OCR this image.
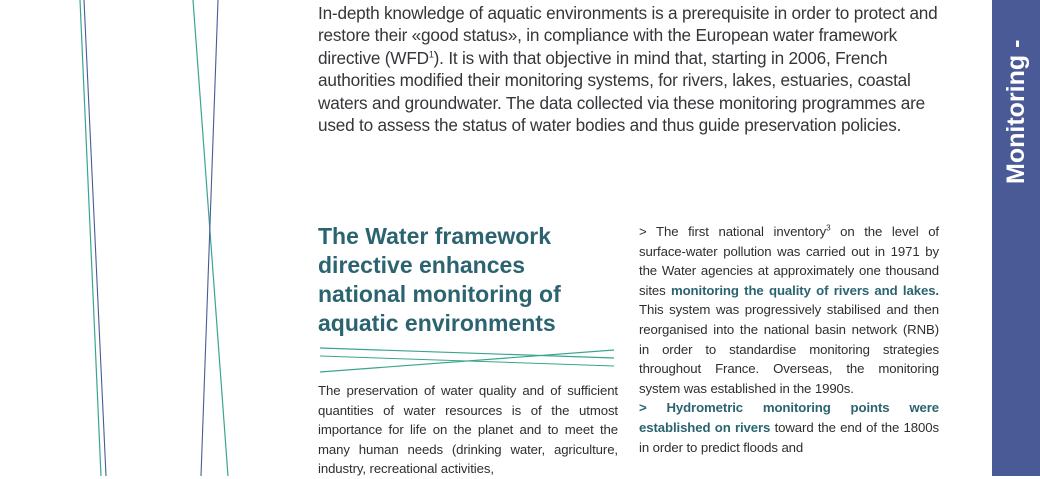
In-depth knowledge of aquatic environments is a prerequisite in order to protect and restore their «good status», in compliance with the European water framework directive (WFD$^1$). It is with that objective in mind that, starting in 2006, French authorities modified their monitoring systems, for rivers, lakes, estuaries, coastal waters and groundwater. The data collected via these monitoring programmes are used to assess the status of water bodies and thus guide preservation policies.
The Water framework directive enhances national monitoring of aquatic environments
The preservation of water quality and of sufficient quantities of water resources is of the utmost importance for life on the planet and to meet the many human needs (drinking water, agriculture, industry, recreational activities,

> The first national inventory$^3$ on the level of surface-water pollution was carried out in 1971 by the Water agencies at approximately one thousand sites monitoring the quality of rivers and lakes. This system was progressively stabilised and then reorganised into the national basin network (RNB) in order to standardise monitoring strategies throughout France. Overseas, the monitoring system was established in the 1990s.

> Hydrometric monitoring points were established on rivers toward the end of the 1800s in order to predict floods and

Monitoring -
